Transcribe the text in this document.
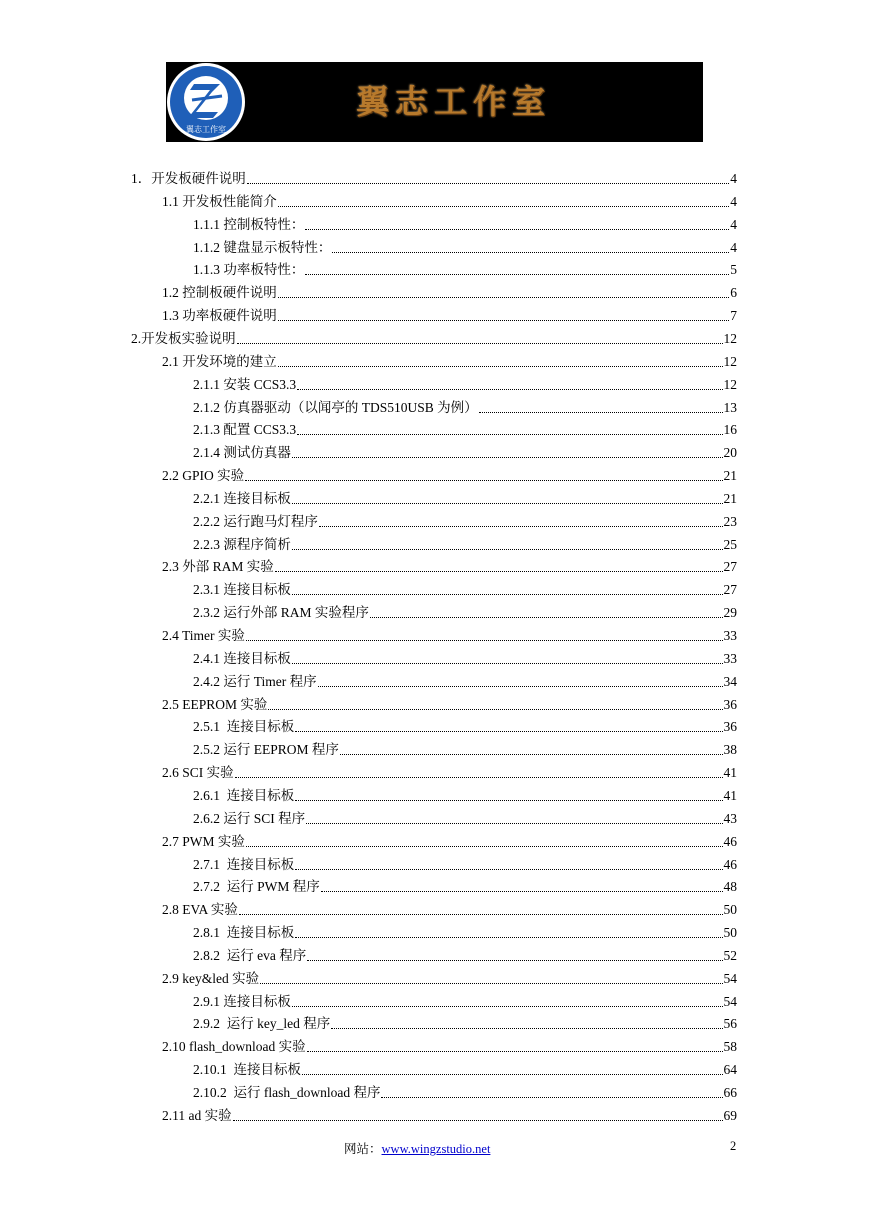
翼志工作室
翼志工作室
1．开发板硬件说明	4
1.1 开发板性能简介	4
1.1.1 控制板特性：	4
1.1.2 键盘显示板特性：	4
1.1.3 功率板特性：	5
1.2 控制板硬件说明	6
1.3 功率板硬件说明	7
2.开发板实验说明	12
2.1 开发环境的建立	12
2.1.1 安装 CCS3.3	12
2.1.2 仿真器驱动（以闻亭的 TDS510USB 为例）	13
2.1.3 配置 CCS3.3	16
2.1.4 测试仿真器	20
2.2 GPIO 实验	21
2.2.1 连接目标板	21
2.2.2 运行跑马灯程序	23
2.2.3 源程序简析	25
2.3 外部 RAM 实验	27
2.3.1 连接目标板	27
2.3.2 运行外部 RAM 实验程序	29
2.4 Timer 实验	33
2.4.1 连接目标板	33
2.4.2 运行 Timer 程序	34
2.5 EEPROM 实验	36
2.5.1  连接目标板	36
2.5.2 运行 EEPROM 程序	38
2.6 SCI 实验	41
2.6.1  连接目标板	41
2.6.2 运行 SCI 程序	43
2.7 PWM 实验	46
2.7.1  连接目标板	46
2.7.2  运行 PWM 程序	48
2.8 EVA 实验	50
2.8.1  连接目标板	50
2.8.2  运行 eva 程序	52
2.9 key&led 实验	54
2.9.1 连接目标板	54
2.9.2  运行 key_led 程序	56
2.10 flash_download 实验	58
2.10.1  连接目标板	64
2.10.2  运行 flash_download 程序	66
2.11 ad 实验	69
网站：www.wingzstudio.net	2
